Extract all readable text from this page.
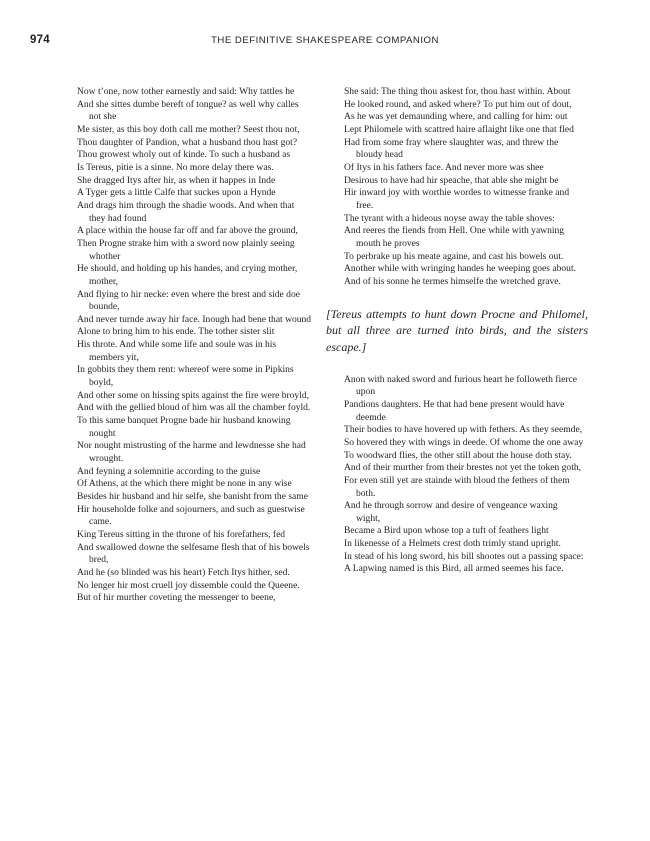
974	THE DEFINITIVE SHAKESPEARE COMPANION

Now t’one, now tother earnestly and said: Why tattles he

And she sittes dumbe bereft of tongue? as well why calles not she

Me sister, as this boy doth call me mother? Seest thou not,

Thou daughter of Pandion, what a husband thou hast got?

Thou growest wholy out of kinde. To such a husband as

Is Tereus, pitie is a sinne. No more delay there was.

She dragged Itys after hir, as when it happes in Inde

A Tyger gets a little Calfe that suckes upon a Hynde

And drags him through the shadie woods. And when that they had found

A place within the house far off and far above the ground,

Then Progne strake him with a sword now plainly seeing whother

He should, and holding up his handes, and crying mother, mother,

And flying to hir necke: even where the brest and side doe bounde,

And never turnde away hir face. Inough had bene that wound

Alone to bring him to his ende. The tother sister slit

His throte. And while some life and soule was in his members yit,

In gobbits they them rent: whereof were some in Pipkins boyld,

And other some on hissing spits against the fire were broyld,

And with the gellied bloud of him was all the chamber foyld.

To this same banquet Progne bade hir husband knowing nought

Nor nought mistrusting of the harme and lewdnesse she had wrought.

And feyning a solemnitie according to the guise

Of Athens, at the which there might be none in any wise

Besides hir husband and hir selfe, she banisht from the same

Hir householde folke and sojourners, and such as guestwise came.

King Tereus sitting in the throne of his forefathers, fed

And swallowed downe the selfesame flesh that of his bowels bred,

And he (so blinded was his heart) Fetch Itys hither, sed.

No lenger hir most cruell joy dissemble could the Queene.

But of hir murther coveting the messenger to beene,

She said: The thing thou askest for, thou hast within. About

He looked round, and asked where? To put him out of dout,

As he was yet demaunding where, and calling for him: out

Lept Philomele with scattred haire aflaight like one that fled

Had from some fray where slaughter was, and threw the bloudy head

Of Itys in his fathers face. And never more was shee

Desirous to have had hir speache, that able she might be

Hir inward joy with worthie wordes to witnesse franke and free.

The tyrant with a hideous noyse away the table shoves:

And reeres the fiends from Hell. One while with yawning mouth he proves

To perbrake up his meate againe, and cast his bowels out.

Another while with wringing handes he weeping goes about.

And of his sonne he termes himselfe the wretched grave.

[Tereus attempts to hunt down Procne and Philomel, but all three are turned into birds, and the sisters escape.]

Anon with naked sword and furious heart he followeth fierce upon

Pandions daughters. He that had bene present would have deemde

Their bodies to have hovered up with fethers. As they seemde,

So hovered they with wings in deede. Of whome the one away

To woodward flies, the other still about the house doth stay.

And of their murther from their brestes not yet the token goth,

For even still yet are stainde with bloud the fethers of them both.

And he through sorrow and desire of vengeance waxing wight,

Became a Bird upon whose top a tuft of feathers light

In likenesse of a Helmets crest doth trimly stand upright.

In stead of his long sword, his bill shootes out a passing space:

A Lapwing named is this Bird, all armed seemes his face.
